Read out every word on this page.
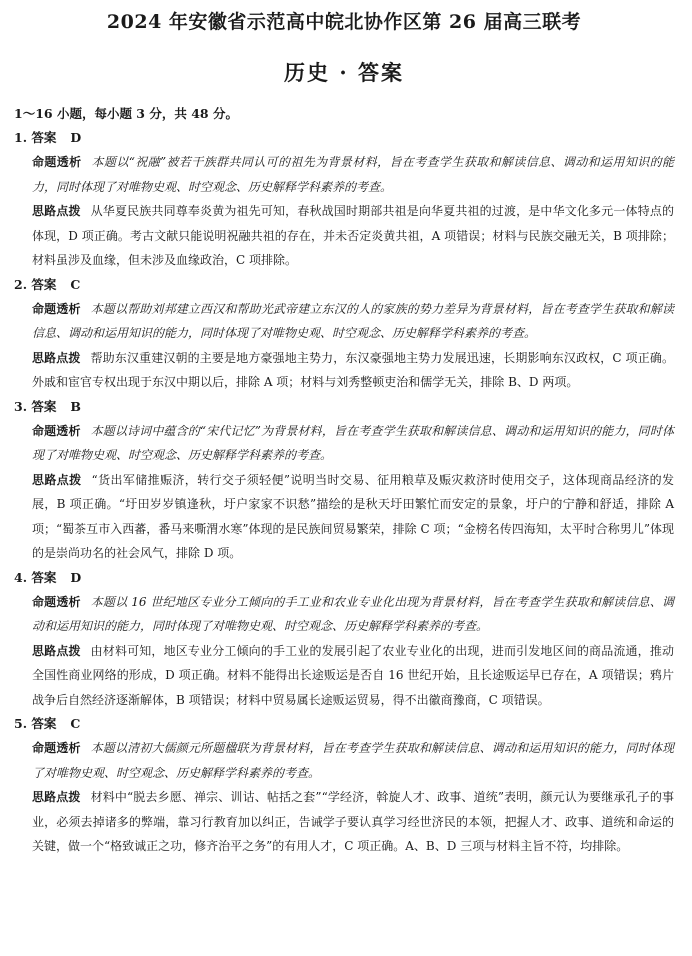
2024 年安徽省示范高中皖北协作区第 26 届高三联考
历史 · 答案
1～16 小题，每小题 3 分，共 48 分。
1. 答案 D
命题透析 本题以“祝融”被若干族群共同认可的祖先为背景材料，旨在考查学生获取和解读信息、调动和运用知识的能力，同时体现了对唯物史观、时空观念、历史解释学科素养的考查。
思路点拨 从华夏民族共同尊奉炎黄为祖先可知，春秋战国时期部共祖是向华夏共祖的过渡，是中华文化多元一体特点的体现，D 项正确。考古文献只能说明祝融共祖的存在，并未否定炎黄共祖，A 项错误；材料与民族交融无关，B 项排除；材料虽涉及血缘，但未涉及血缘政治，C 项排除。
2. 答案 C
命题透析 本题以帮助刘邦建立西汉和帮助光武帝建立东汉的人的家族的势力差异为背景材料，旨在考查学生获取和解读信息、调动和运用知识的能力，同时体现了对唯物史观、时空观念、历史解释学科素养的考查。
思路点拨 帮助东汉重建汉朝的主要是地方豪强地主势力，东汉豪强地主势力发展迅速，长期影响东汉政权，C 项正确。外戚和宦官专权出现于东汉中期以后，排除 A 项；材料与刘秀整顿吏治和儒学无关，排除 B、D 两项。
3. 答案 B
命题透析 本题以诗词中蕴含的“宋代记忆”为背景材料，旨在考查学生获取和解读信息、调动和运用知识的能力，同时体现了对唯物史观、时空观念、历史解释学科素养的考查。
思路点拨 “货出军储推赈济，转行交子须轻便”说明当时交易、征用粮草及赈灾救济时使用交子，这体现商品经济的发展，B 项正确。“圩田岁岁镇逢秋，圩户家家不识愁”描绘的是秋天圩田繁忙而安定的景象，圩户的宁静和舒适，排除 A 项；“蜀茶互市入西蕃，番马来嘶渭水寒”体现的是民族间贸易繁荣，排除 C 项；“金榜名传四海知，太平时合称男儿”体现的是崇尚功名的社会风气，排除 D 项。
4. 答案 D
命题透析 本题以 16 世纪地区专业分工倾向的手工业和农业专业化出现为背景材料，旨在考查学生获取和解读信息、调动和运用知识的能力，同时体现了对唯物史观、时空观念、历史解释学科素养的考查。
思路点拨 由材料可知，地区专业分工倾向的手工业的发展引起了农业专业化的出现，进而引发地区间的商品流通，推动全国性商业网络的形成，D 项正确。材料不能得出长途贩运是否自 16 世纪开始，且长途贩运早已存在，A 项错误；鸦片战争后自然经济逐渐解体，B 项错误；材料中贸易属长途贩运贸易，得不出徽商豫商，C 项错误。
5. 答案 C
命题透析 本题以清初大儒颜元所题楹联为背景材料，旨在考查学生获取和解读信息、调动和运用知识的能力，同时体现了对唯物史观、时空观念、历史解释学科素养的考查。
思路点拨 材料中“脱去乡愿、禅宗、训诂、帖括之套”“学经济，斡旋人才、政事、道统”表明，颜元认为要继承孔子的事业，必须去掉诸多的弊端，靠习行教育加以纠正，告诫学子要认真学习经世济民的本领，把握人才、政事、道统和命运的关键，做一个“格致诚正之功，修齐治平之务”的有用人才，C 项正确。A、B、D 三项与材料主旨不符，均排除。
